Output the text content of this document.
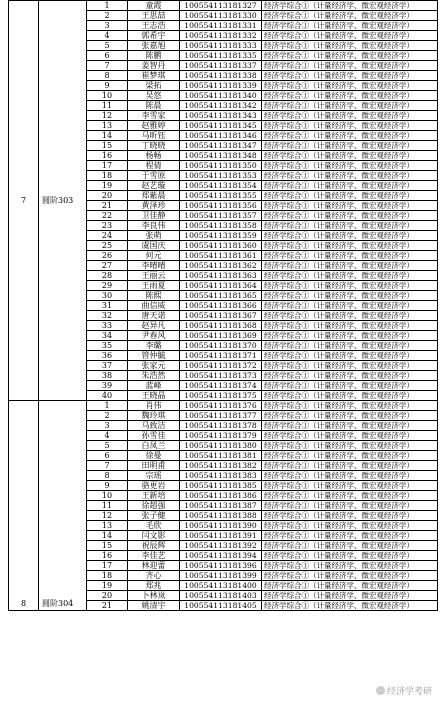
7	圆阶303	1	童霞	100554113181327	经济学综合①（计量经济学、微宏观经济学）
		2	王思喆	100554113181330	经济学综合①（计量经济学、微宏观经济学）
		3	王志浩	100554113181331	经济学综合①（计量经济学、微宏观经济学）
		4	郭希宇	100554113181332	经济学综合①（计量经济学、微宏观经济学）
		5	张嘉旭	100554113181333	经济学综合①（计量经济学、微宏观经济学）
		6	陈鹏	100554113181335	经济学综合①（计量经济学、微宏观经济学）
		7	姜智丹	100554113181337	经济学综合①（计量经济学、微宏观经济学）
		8	崔梦琪	100554113181338	经济学综合①（计量经济学、微宏观经济学）
		9	梁拓	100554113181339	经济学综合①（计量经济学、微宏观经济学）
		10	吴悠	100554113181340	经济学综合①（计量经济学、微宏观经济学）
		11	陈晨	100554113181342	经济学综合①（计量经济学、微宏观经济学）
		12	李雪家	100554113181343	经济学综合①（计量经济学、微宏观经济学）
		13	赵雅婷	100554113181345	经济学综合①（计量经济学、微宏观经济学）
		14	马昕钰	100554113181346	经济学综合①（计量经济学、微宏观经济学）
		15	丁晓晓	100554113181347	经济学综合①（计量经济学、微宏观经济学）
		16	杨畅	100554113181348	经济学综合①（计量经济学、微宏观经济学）
		17	程倩	100554113181350	经济学综合①（计量经济学、微宏观经济学）
		18	于雪原	100554113181353	经济学综合①（计量经济学、微宏观经济学）
		19	赵艺璇	100554113181354	经济学综合①（计量经济学、微宏观经济学）
		20	郑紫晨	100554113181355	经济学综合①（计量经济学、微宏观经济学）
		21	黄泽珍	100554113181356	经济学综合①（计量经济学、微宏观经济学）
		22	卫佳静	100554113181357	经济学综合①（计量经济学、微宏观经济学）
		23	李良伟	100554113181358	经济学综合①（计量经济学、微宏观经济学）
		24	张萌	100554113181359	经济学综合①（计量经济学、微宏观经济学）
		25	虞国庆	100554113181360	经济学综合①（计量经济学、微宏观经济学）
		26	何元	100554113181361	经济学综合①（计量经济学、微宏观经济学）
		27	李晴晴	100554113181362	经济学综合①（计量经济学、微宏观经济学）
		28	王丽云	100554113181363	经济学综合①（计量经济学、微宏观经济学）
		29	王雨夏	100554113181364	经济学综合①（计量经济学、微宏观经济学）
		30	陈熙	100554113181365	经济学综合①（计量经济学、微宏观经济学）
		31	曲信威	100554113181366	经济学综合①（计量经济学、微宏观经济学）
		32	唐天诺	100554113181367	经济学综合①（计量经济学、微宏观经济学）
		33	赵异凡	100554113181368	经济学综合①（计量经济学、微宏观经济学）
		34	尹春风	100554113181369	经济学综合①（计量经济学、微宏观经济学）
		35	李璐	100554113181370	经济学综合①（计量经济学、微宏观经济学）
		36	管仲毓	100554113181371	经济学综合①（计量经济学、微宏观经济学）
		37	张家元	100554113181372	经济学综合①（计量经济学、微宏观经济学）
		38	朱浩然	100554113181373	经济学综合①（计量经济学、微宏观经济学）
		39	蓝峰	100554113181374	经济学综合①（计量经济学、微宏观经济学）
		40	王晓晶	100554113181375	经济学综合①（计量经济学、微宏观经济学）
8	圆阶304	1	肖伟	100554113181376	经济学综合①（计量经济学、微宏观经济学）
		2	魏玲琪	100554113181377	经济学综合①（计量经济学、微宏观经济学）
		3	马致洁	100554113181378	经济学综合①（计量经济学、微宏观经济学）
		4	孙雪佳	100554113181379	经济学综合①（计量经济学、微宏观经济学）
		5	白凤兰	100554113181380	经济学综合①（计量经济学、微宏观经济学）
		6	徐曼	100554113181381	经济学综合①（计量经济学、微宏观经济学）
		7	田明甫	100554113181382	经济学综合①（计量经济学、微宏观经济学）
		8	宗瑶	100554113181383	经济学综合①（计量经济学、微宏观经济学）
		9	骆更岩	100554113181385	经济学综合①（计量经济学、微宏观经济学）
		10	王新培	100554113181386	经济学综合①（计量经济学、微宏观经济学）
		11	徐超强	100554113181387	经济学综合①（计量经济学、微宏观经济学）
		12	张子健	100554113181388	经济学综合①（计量经济学、微宏观经济学）
		13	毛欣	100554113181390	经济学综合①（计量经济学、微宏观经济学）
		14	闫文影	100554113181391	经济学综合①（计量经济学、微宏观经济学）
		15	祝辰辉	100554113181392	经济学综合①（计量经济学、微宏观经济学）
		16	李佳艺	100554113181394	经济学综合①（计量经济学、微宏观经济学）
		17	林迎蕾	100554113181396	经济学综合①（计量经济学、微宏观经济学）
		18	齐心	100554113181399	经济学综合①（计量经济学、微宏观经济学）
		19	郑兆	100554113181400	经济学综合①（计量经济学、微宏观经济学）
		20	卜林岚	100554113181403	经济学综合①（计量经济学、微宏观经济学）
		21	姚清宇	100554113181405	经济学综合①（计量经济学、微宏观经济学）
经济学考研
